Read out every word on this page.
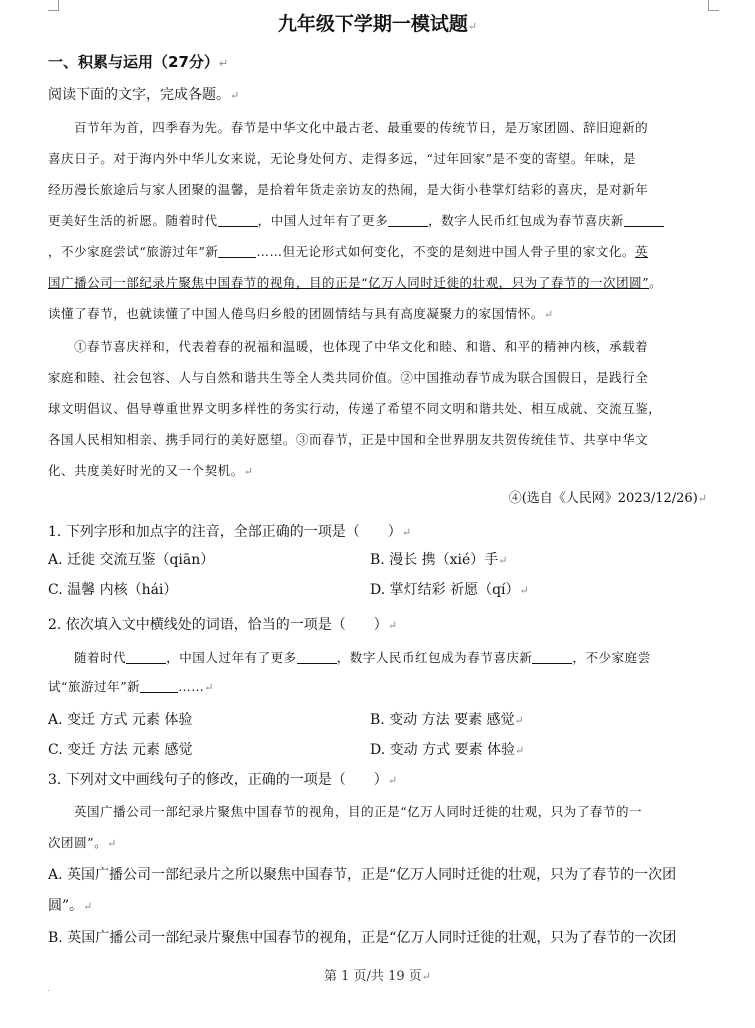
九年级下学期一模试题↵
一、积累与运用（27分）↵
阅读下面的文字，完成各题。↵
百节年为首，四季春为先。春节是中华文化中最古老、最重要的传统节日，是万家团圆、辞旧迎新的
喜庆日子。对于海内外中华儿女来说，无论身处何方、走得多远，“过年回家”是不变的寄望。年味，是
经历漫长旅途后与家人团聚的温馨，是拾着年货走亲访友的热闹，是大街小巷掌灯结彩的喜庆，是对新年
更美好生活的祈愿。随着时代	，中国人过年有了更多	，数字人民币红包成为春节喜庆新
，不少家庭尝试“旅游过年”新	……但无论形式如何变化，不变的是刻进中国人骨子里的家文化。英
国广播公司一部纪录片聚焦中国春节的视角，目的正是“亿万人同时迁徙的壮观，只为了春节的一次团圆”。
读懂了春节，也就读懂了中国人倦鸟归乡般的团圆情结与具有高度凝聚力的家国情怀。↵
①春节喜庆祥和，代表着春的祝福和温暖，也体现了中华文化和睦、和谐、和平的精神内核，承载着
家庭和睦、社会包容、人与自然和谐共生等全人类共同价值。②中国推动春节成为联合国假日，是践行全
球文明倡议、倡导尊重世界文明多样性的务实行动，传递了希望不同文明和谐共处、相互成就、交流互鉴，
各国人民相知相亲、携手同行的美好愿望。③而春节，正是中国和全世界朋友共贺传统佳节、共享中华文
化、共度美好时光的又一个契机。↵
④(选自《人民网》2023/12/26)↵
1. 下列字形和加点字的注音，全部正确的一项是（　　）↵
A. 迁徙 交流互鉴（qiān）	B. 漫长 携（xié）手↵
C. 温馨 内核（hái）	D. 掌灯结彩 祈愿（qí）↵
2. 依次填入文中横线处的词语，恰当的一项是（　　）↵
随着时代	，中国人过年有了更多	，数字人民币红包成为春节喜庆新	，不少家庭尝
试“旅游过年”新	……↵
A. 变迁 方式 元素 体验	B. 变动 方法 要素 感觉↵
C. 变迁 方法 元素 感觉	D. 变动 方式 要素 体验↵
3. 下列对文中画线句子的修改，正确的一项是（　　）↵
英国广播公司一部纪录片聚焦中国春节的视角，目的正是“亿万人同时迁徙的壮观，只为了春节的一
次团圆”。↵
A. 英国广播公司一部纪录片之所以聚焦中国春节，正是“亿万人同时迁徙的壮观，只为了春节的一次团
圆”。↵
B. 英国广播公司一部纪录片聚焦中国春节的视角，正是“亿万人同时迁徙的壮观，只为了春节的一次团
第 1 页/共 19 页↵
